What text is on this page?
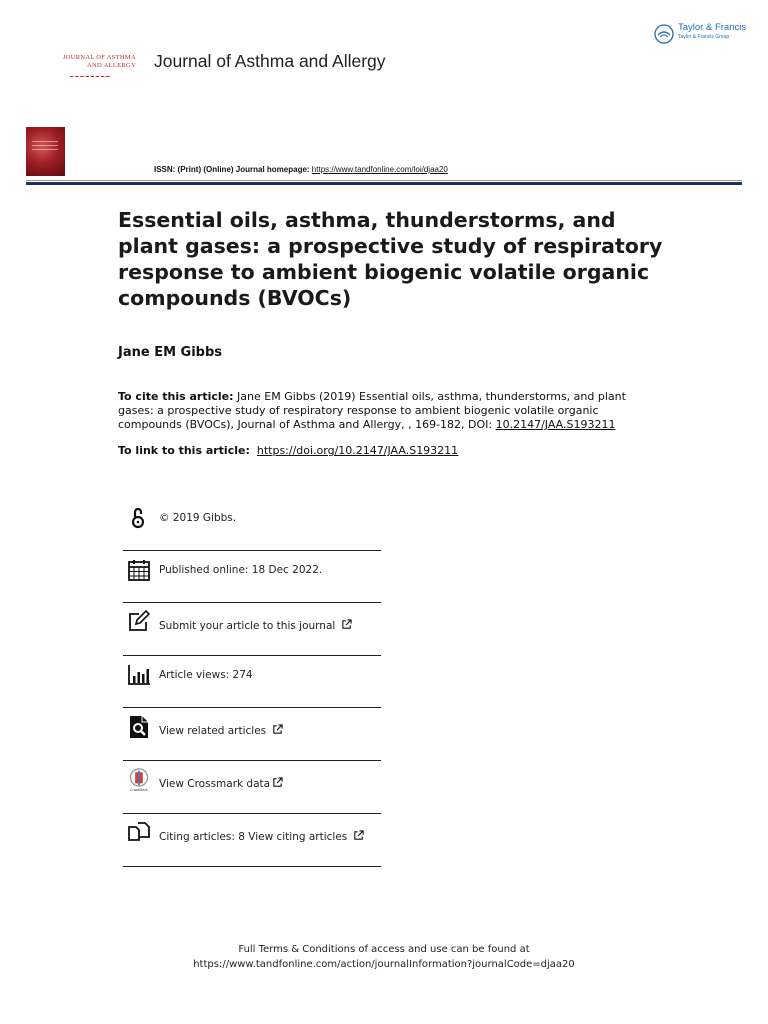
Taylor & Francis
Taylor & Francis Group
JOURNAL OF ASTHMA
AND ALLERGY
▬ ▬ ▬ ▬ ▬ ▬ ▬ ▬
Journal of Asthma and Allergy
ISSN: (Print) (Online) Journal homepage: https://www.tandfonline.com/loi/djaa20
Essential oils, asthma, thunderstorms, and plant gases: a prospective study of respiratory response to ambient biogenic volatile organic compounds (BVOCs)
Jane EM Gibbs
To cite this article: Jane EM Gibbs (2019) Essential oils, asthma, thunderstorms, and plant gases: a prospective study of respiratory response to ambient biogenic volatile organic compounds (BVOCs), Journal of Asthma and Allergy, , 169-182, DOI: 10.2147/JAA.S193211
To link to this article: https://doi.org/10.2147/JAA.S193211
© 2019 Gibbs.
Published online: 18 Dec 2022.
Submit your article to this journal
Article views: 274
View related articles
CrossMark
View Crossmark data
Citing articles: 8 View citing articles
Full Terms & Conditions of access and use can be found at
https://www.tandfonline.com/action/journalInformation?journalCode=djaa20
